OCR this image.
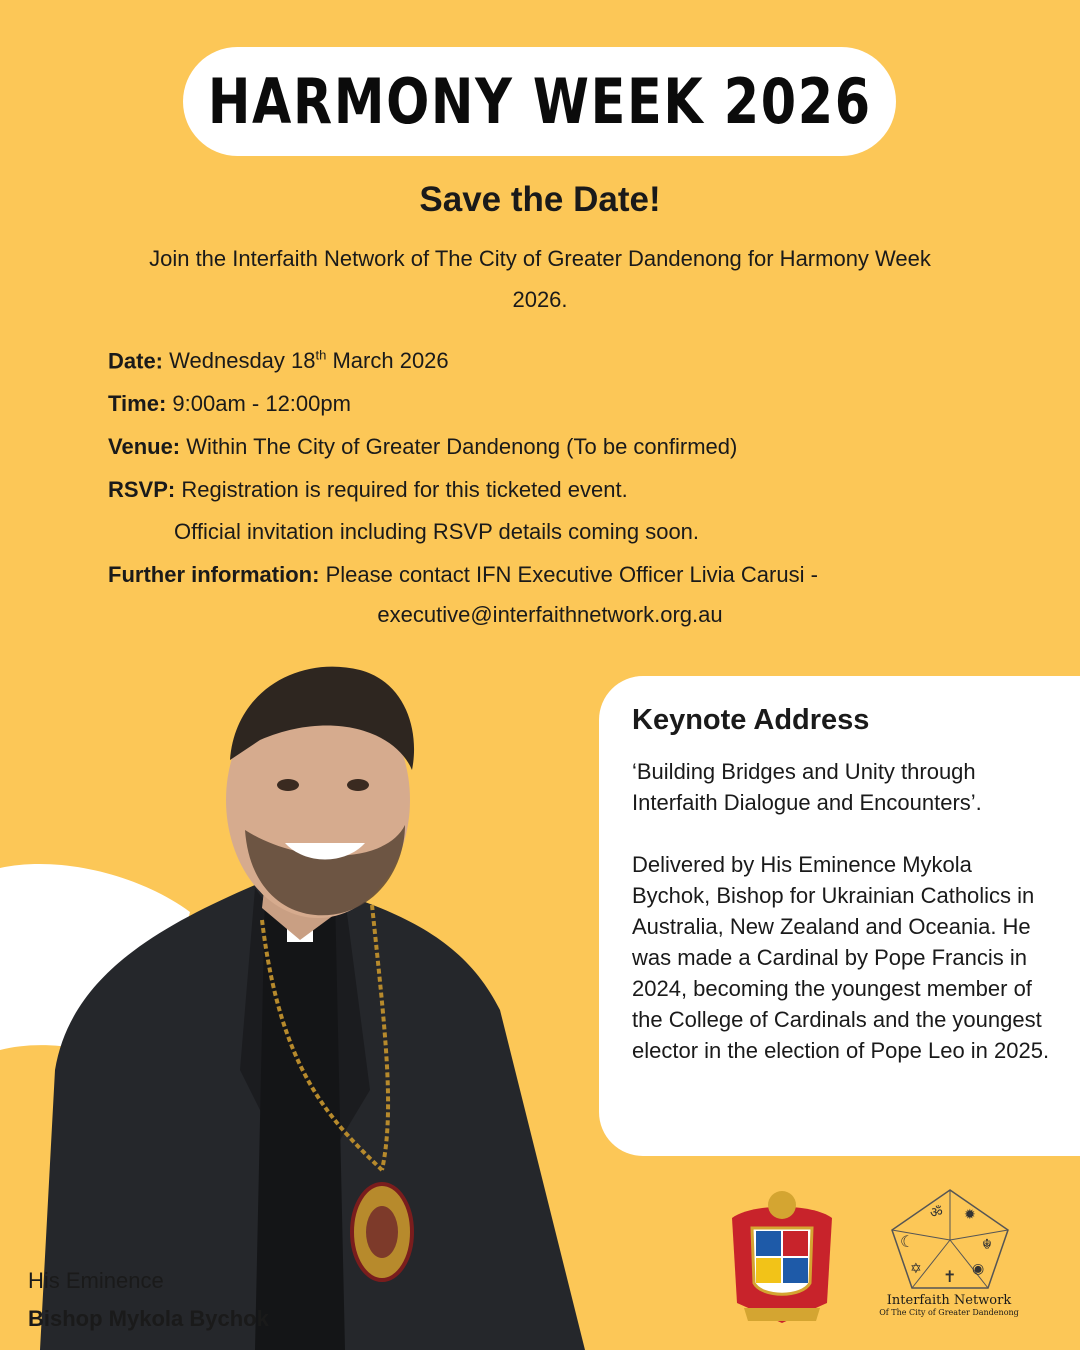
HARMONY WEEK 2026
Save the Date!
Join the Interfaith Network of The City of Greater Dandenong for Harmony Week 2026.
Date: Wednesday 18th March 2026
Time: 9:00am - 12:00pm
Venue: Within The City of Greater Dandenong (To be confirmed)
RSVP: Registration is required for this ticketed event.
Official invitation including RSVP details coming soon.
Further information: Please contact IFN Executive Officer Livia Carusi -
executive@interfaithnetwork.org.au
Keynote Address

‘Building Bridges and Unity through Interfaith Dialogue and Encounters’.

Delivered by His Eminence Mykola Bychok, Bishop for Ukrainian Catholics in Australia, New Zealand and Oceania. He was made a Cardinal by Pope Francis in 2024, becoming the youngest member of the College of Cardinals and the youngest elector in the election of Pope Leo in 2025.

His Eminence
Bishop Mykola Bychok
ॐ ✹
☾	☬
✡
✝
◉
Interfaith Network
Of The City of Greater Dandenong
